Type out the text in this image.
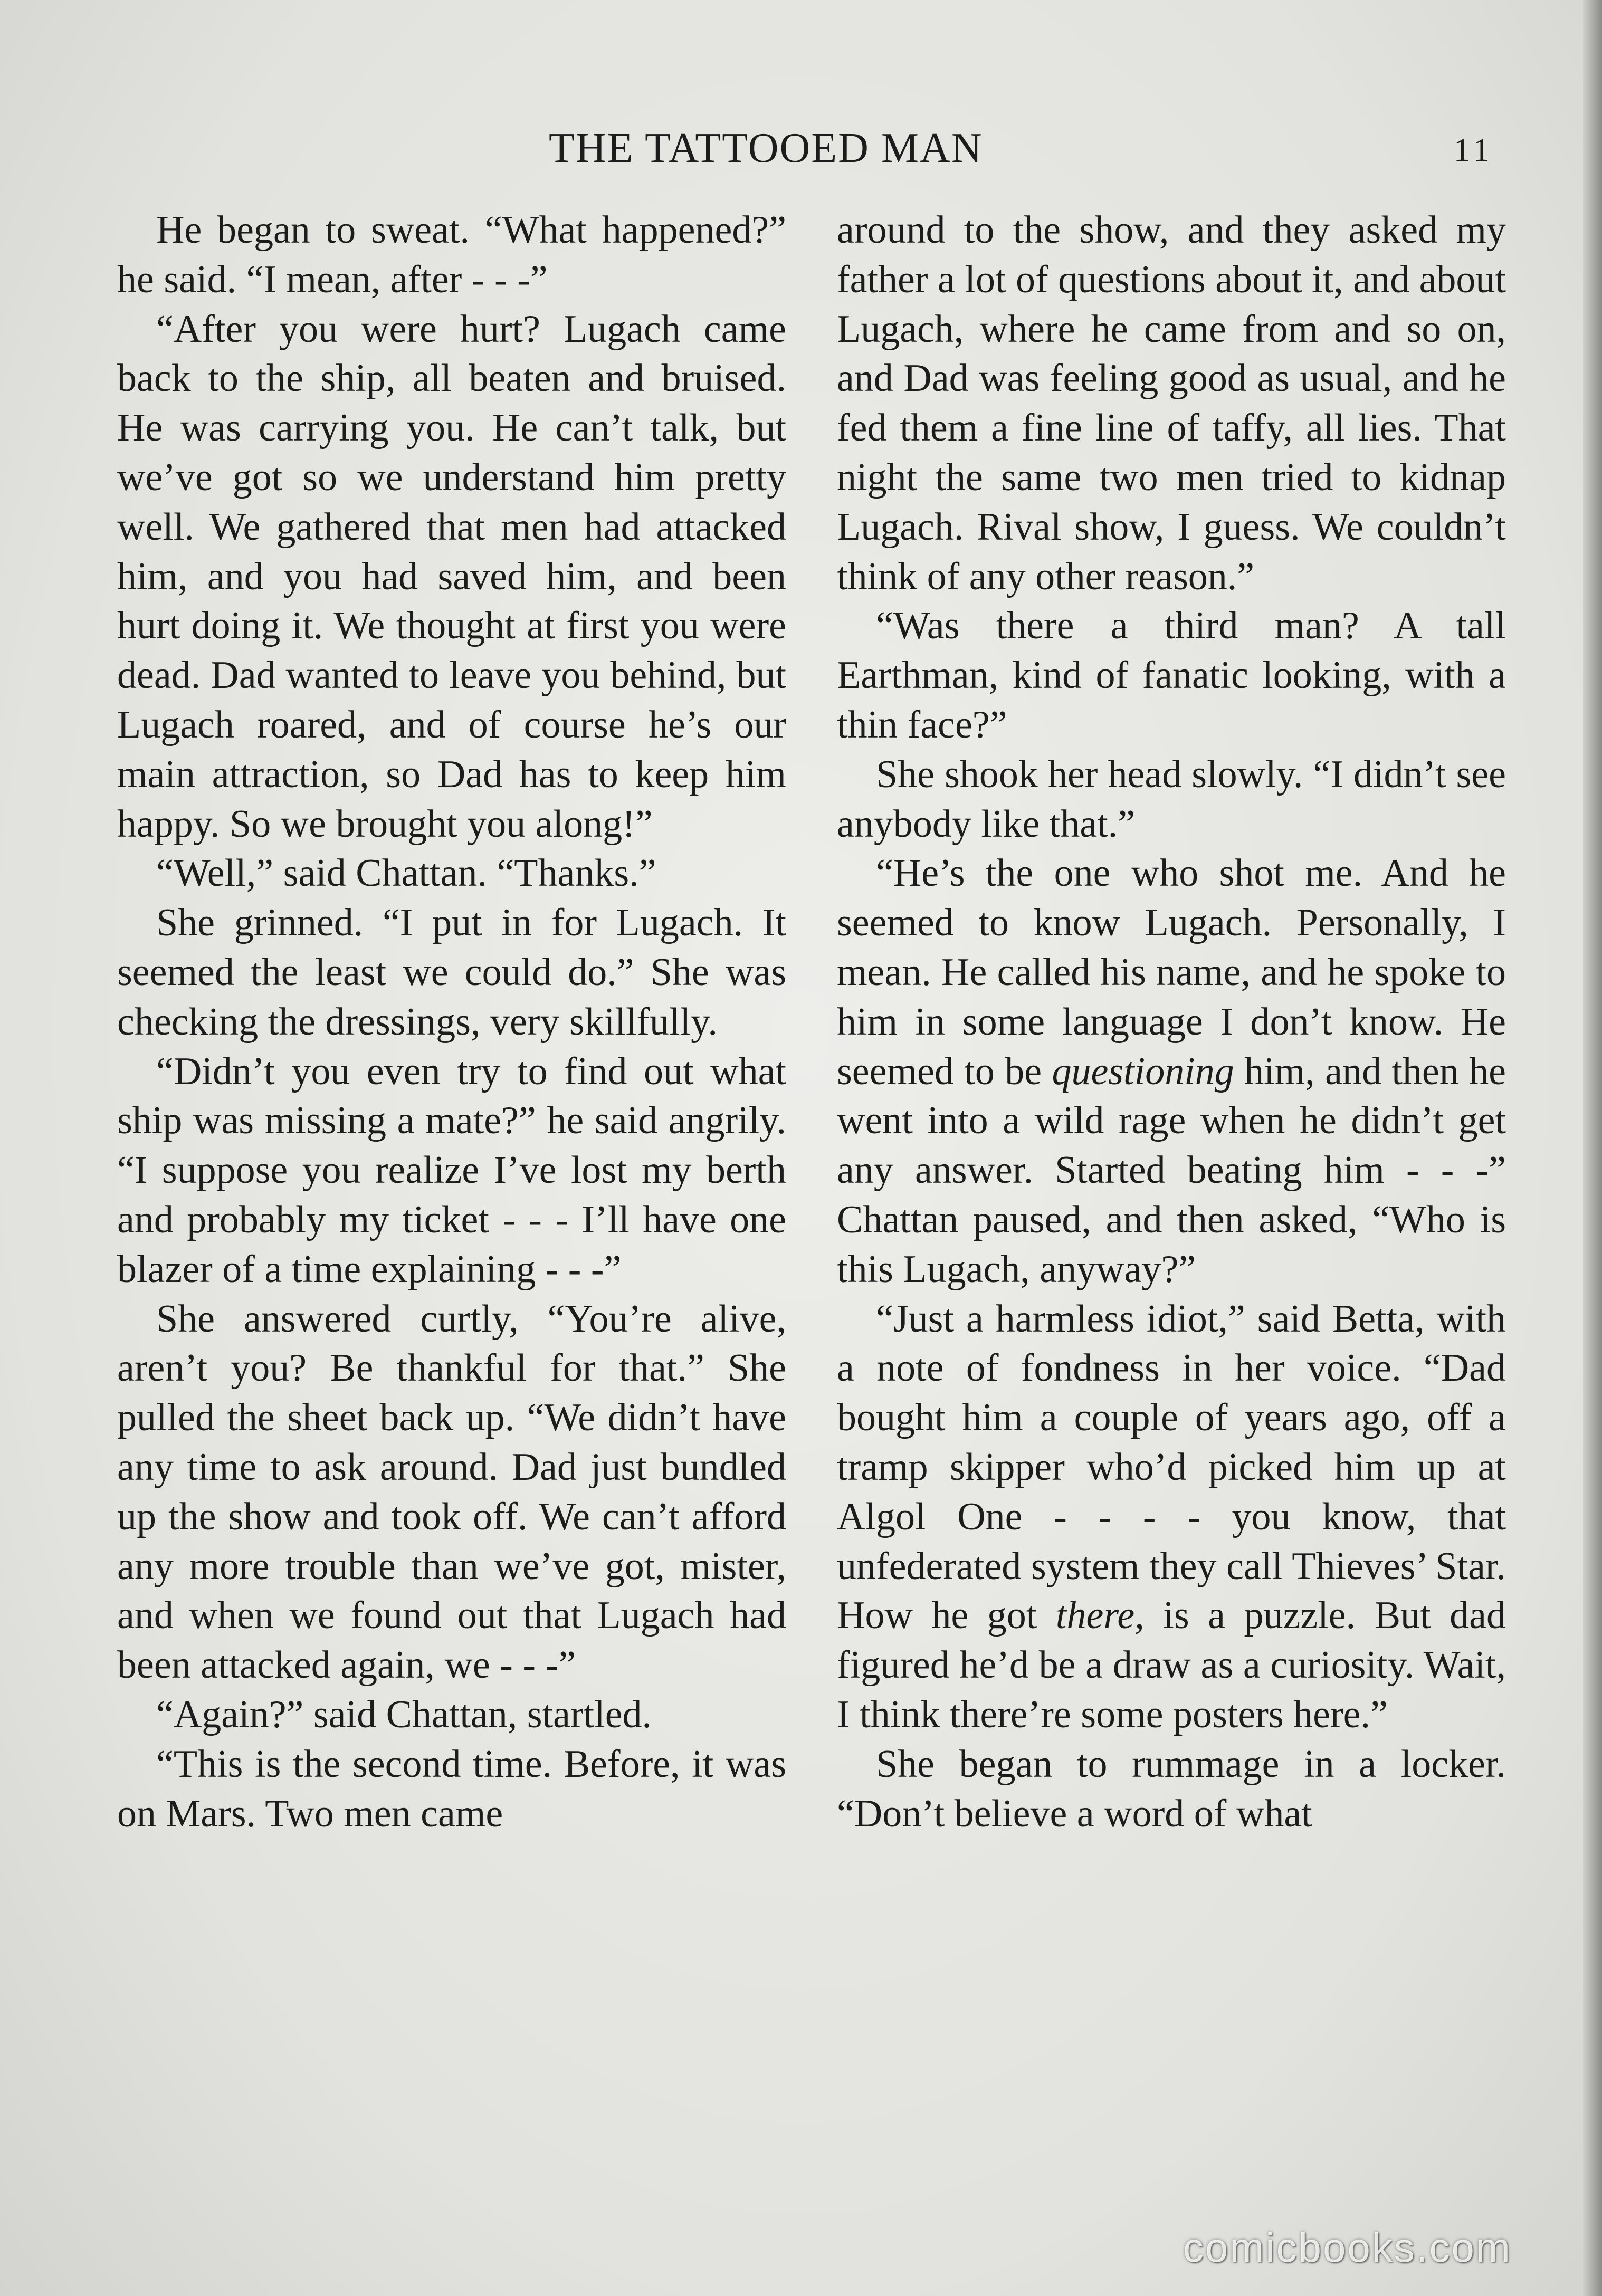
THE TATTOOED MAN	11

He began to sweat. “What happened?” he said. “I mean, after - - -”

“After you were hurt? Lugach came back to the ship, all beaten and bruised. He was carrying you. He can’t talk, but we’ve got so we understand him pretty well. We gathered that men had attacked him, and you had saved him, and been hurt doing it. We thought at first you were dead. Dad wanted to leave you behind, but Lugach roared, and of course he’s our main attraction, so Dad has to keep him happy. So we brought you along!”

“Well,” said Chattan. “Thanks.”

She grinned. “I put in for Lugach. It seemed the least we could do.” She was checking the dressings, very skillfully.

“Didn’t you even try to find out what ship was missing a mate?” he said angrily. “I suppose you realize I’ve lost my berth and probably my ticket - - - I’ll have one blazer of a time explaining - - -”

She answered curtly, “You’re alive, aren’t you? Be thankful for that.” She pulled the sheet back up. “We didn’t have any time to ask around. Dad just bundled up the show and took off. We can’t afford any more trouble than we’ve got, mister, and when we found out that Lugach had been attacked again, we - - -”

“Again?” said Chattan, startled.

“This is the second time. Before, it was on Mars. Two men came

around to the show, and they asked my father a lot of questions about it, and about Lugach, where he came from and so on, and Dad was feeling good as usual, and he fed them a fine line of taffy, all lies. That night the same two men tried to kidnap Lugach. Rival show, I guess. We couldn’t think of any other reason.”

“Was there a third man? A tall Earthman, kind of fanatic looking, with a thin face?”

She shook her head slowly. “I didn’t see anybody like that.”

“He’s the one who shot me. And he seemed to know Lugach. Personally, I mean. He called his name, and he spoke to him in some language I don’t know. He seemed to be questioning him, and then he went into a wild rage when he didn’t get any answer. Started beating him - - -” Chattan paused, and then asked, “Who is this Lugach, anyway?”

“Just a harmless idiot,” said Betta, with a note of fondness in her voice. “Dad bought him a couple of years ago, off a tramp skipper who’d picked him up at Algol One - - - - you know, that unfederated system they call Thieves’ Star. How he got there, is a puzzle. But dad figured he’d be a draw as a curiosity. Wait, I think there’re some posters here.”

She began to rummage in a locker. “Don’t believe a word of what

comicbooks.com
